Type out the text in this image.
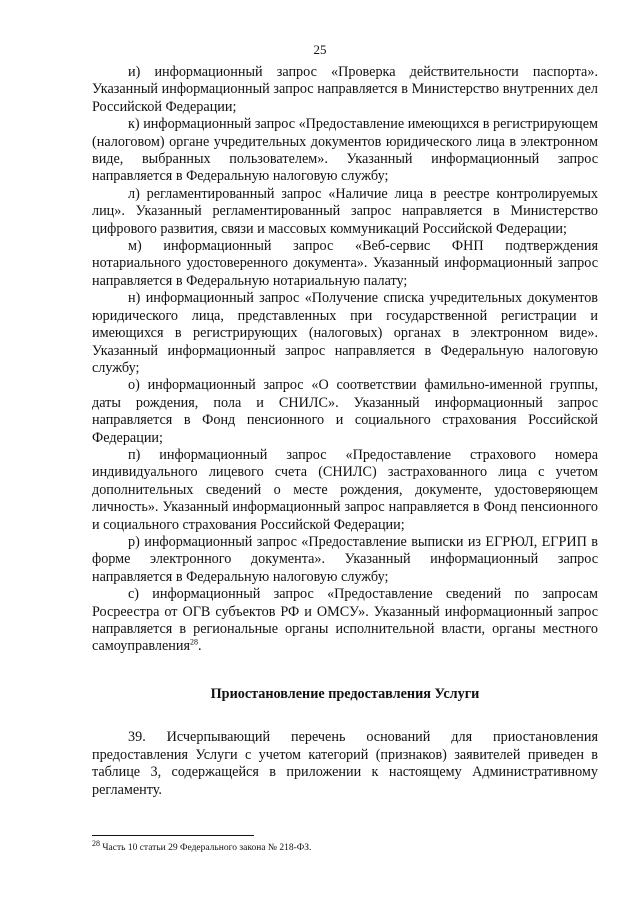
25

и) информационный запрос «Проверка действительности паспорта». Указанный информационный запрос направляется в Министерство внутренних дел Российской Федерации;

к) информационный запрос «Предоставление имеющихся в регистрирующем (налоговом) органе учредительных документов юридического лица в электронном виде, выбранных пользователем». Указанный информационный запрос направляется в Федеральную налоговую службу;

л) регламентированный запрос «Наличие лица в реестре контролируемых лиц». Указанный регламентированный запрос направляется в Министерство цифрового развития, связи и массовых коммуникаций Российской Федерации;

м) информационный запрос «Веб-сервис ФНП подтверждения нотариального удостоверенного документа». Указанный информационный запрос направляется в Федеральную нотариальную палату;

н) информационный запрос «Получение списка учредительных документов юридического лица, представленных при государственной регистрации и имеющихся в регистрирующих (налоговых) органах в электронном виде». Указанный информационный запрос направляется в Федеральную налоговую службу;

о) информационный запрос «О соответствии фамильно-именной группы, даты рождения, пола и СНИЛС». Указанный информационный запрос направляется в Фонд пенсионного и социального страхования Российской Федерации;

п) информационный запрос «Предоставление страхового номера индивидуального лицевого счета (СНИЛС) застрахованного лица с учетом дополнительных сведений о месте рождения, документе, удостоверяющем личность». Указанный информационный запрос направляется в Фонд пенсионного и социального страхования Российской Федерации;

р) информационный запрос «Предоставление выписки из ЕГРЮЛ, ЕГРИП в форме электронного документа». Указанный информационный запрос направляется в Федеральную налоговую службу;

с) информационный запрос «Предоставление сведений по запросам Росреестра от ОГВ субъектов РФ и ОМСУ». Указанный информационный запрос направляется в региональные органы исполнительной власти, органы местного самоуправления$^{28}$.

Приостановление предоставления Услуги

39. Исчерпывающий перечень оснований для приостановления предоставления Услуги с учетом категорий (признаков) заявителей приведен в таблице 3, содержащейся в приложении к настоящему Административному регламенту.

$^{28}$ Часть 10 статьи 29 Федерального закона № 218-ФЗ.
